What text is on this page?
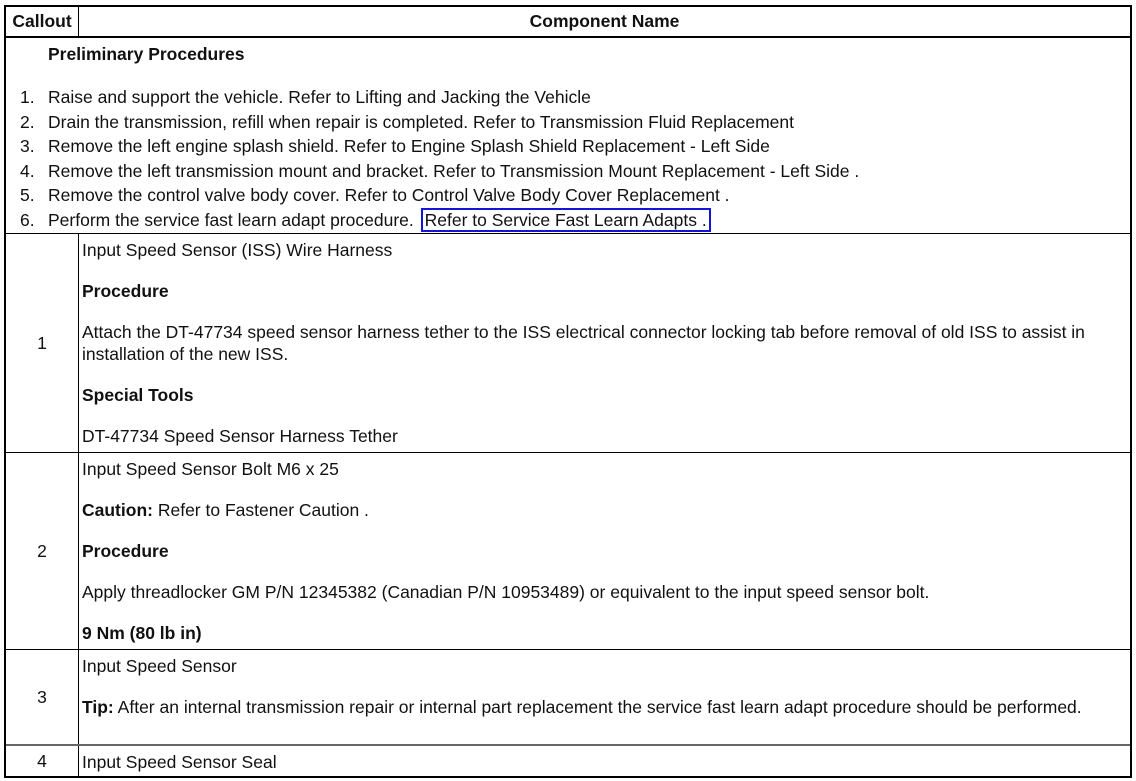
Callout	Component Name
Preliminary Procedures
1. Raise and support the vehicle. Refer to Lifting and Jacking the Vehicle
2. Drain the transmission, refill when repair is completed. Refer to Transmission Fluid Replacement
3. Remove the left engine splash shield. Refer to Engine Splash Shield Replacement - Left Side
4. Remove the left transmission mount and bracket. Refer to Transmission Mount Replacement - Left Side .
5. Remove the control valve body cover. Refer to Control Valve Body Cover Replacement .
6. Perform the service fast learn adapt procedure. Refer to Service Fast Learn Adapts .
1

Input Speed Sensor (ISS) Wire Harness

Procedure

Attach the DT-47734 speed sensor harness tether to the ISS electrical connector locking tab before removal of old ISS to assist in installation of the new ISS.

Special Tools

DT-47734 Speed Sensor Harness Tether

2

Input Speed Sensor Bolt M6 x 25

Caution: Refer to Fastener Caution .

Procedure

Apply threadlocker GM P/N 12345382 (Canadian P/N 10953489) or equivalent to the input speed sensor bolt.

9 Nm (80 lb in)

3

Input Speed Sensor

Tip: After an internal transmission repair or internal part replacement the service fast learn adapt procedure should be performed.

4	Input Speed Sensor Seal
